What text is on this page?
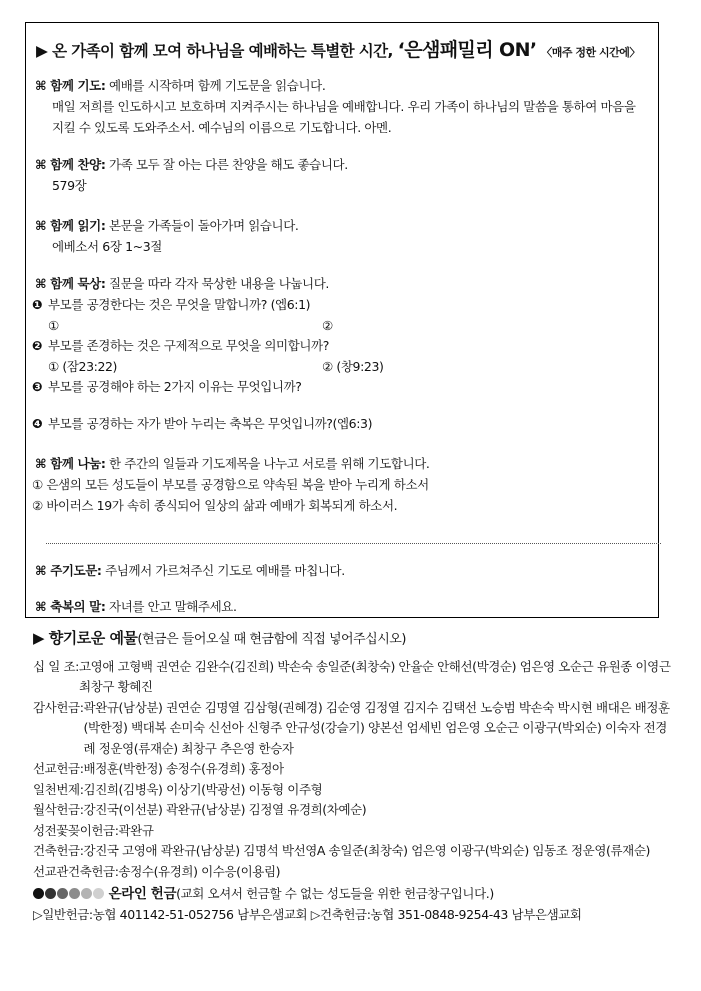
▶ 온 가족이 함께 모여 하나님을 예배하는 특별한 시간, ‘은샘패밀리 ON’ 〈매주 정한 시간에〉
⌘ 함께 기도: 예배를 시작하며 함께 기도문을 읽습니다.
매일 저희를 인도하시고 보호하며 지켜주시는 하나님을 예배합니다. 우리 가족이 하나님의 말씀을 통하여 마음을 지킬 수 있도록 도와주소서. 예수님의 이름으로 기도합니다. 아멘.
⌘ 함께 찬양: 가족 모두 잘 아는 다른 찬양을 해도 좋습니다.
579장
⌘ 함께 읽기: 본문을 가족들이 돌아가며 읽습니다.
에베소서 6장 1~3절
⌘ 함께 묵상: 질문을 따라 각자 묵상한 내용을 나눕니다.
❶ 부모를 공경한다는 것은 무엇을 말합니까? (엡6:1)
①	②
❷ 부모를 존경하는 것은 구제적으로 무엇을 의미합니까?
① (잠23:22)	② (창9:23)
❸ 부모를 공경해야 하는 2가지 이유는 무엇입니까?
❹ 부모를 공경하는 자가 받아 누리는 축복은 무엇입니까?(엡6:3)
⌘ 함께 나눔: 한 주간의 일들과 기도제목을 나누고 서로를 위해 기도합니다.
① 은샘의 모든 성도들이 부모를 공경함으로 약속된 복을 받아 누리게 하소서
② 바이러스 19가 속히 종식되어 일상의 삶과 예배가 회복되게 하소서.
⌘ 주기도문: 주님께서 가르쳐주신 기도로 예배를 마칩니다.
⌘ 축복의 말: 자녀를 안고 말해주세요.
▶ 향기로운 예물(현금은 들어오실 때 현금함에 직접 넣어주십시오)
십 일 조: 고영애 고형백 권연순 김완수(김진희) 박손숙 송일준(최창숙) 안율순 안해선(박경순) 엄은영 오순근 유원종 이영근 최창구 황혜진
감사헌금: 곽완규(남상분) 권연순 김명열 김삼형(권혜경) 김순영 김정열 김지수 김택선 노승범 박손숙 박시현 배대은 배정훈(박한정) 백대복 손미숙 신선아 신형주 안규성(강슬기) 양본선 엄세빈 엄은영 오순근 이광구(박외순) 이숙자 전경례 정운영(류재순) 최창구 추은영 한승자
선교헌금: 배정훈(박한정) 송정수(유경희) 홍정아
일천번제: 김진희(김병욱) 이상기(박광선) 이동형 이주형
월삭헌금: 강진국(이선분) 곽완규(남상분) 김정열 유경희(차예순)
성전꽃꽂이헌금: 곽완규
건축헌금: 강진국 고영애 곽완규(남상분) 김명석 박선영A 송일준(최창숙) 엄은영 이광구(박외순) 임동조 정운영(류재순)
선교관건축헌금: 송정수(유경희) 이수응(이용림)
온라인 헌금(교회 오셔서 헌금할 수 없는 성도들을 위한 헌금창구입니다.)
▷일반헌금:농협 401142-51-052756 남부은샘교회 ▷건축헌금:농협 351-0848-9254-43 남부은샘교회
